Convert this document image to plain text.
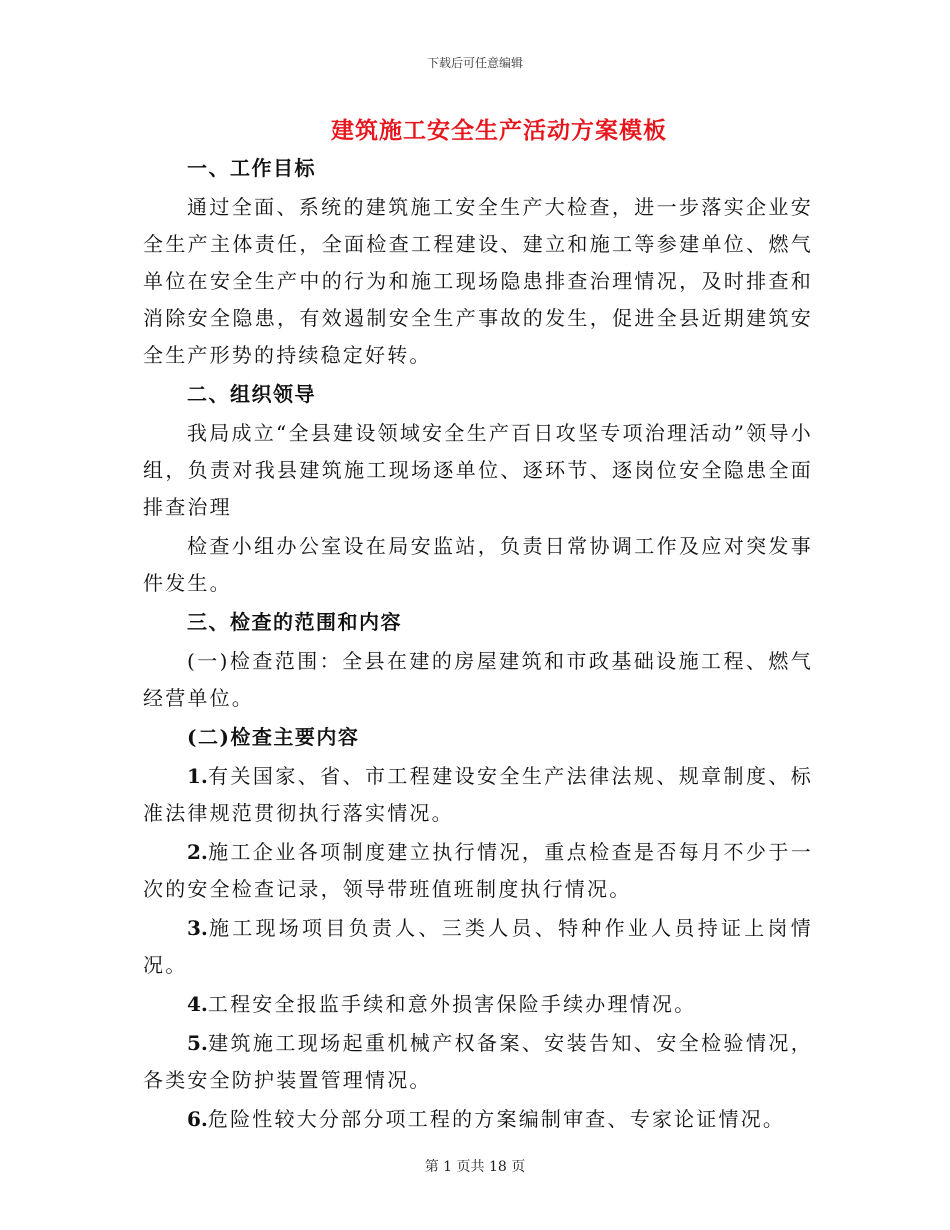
下载后可任意编辑
建筑施工安全生产活动方案模板

一、工作目标

通过全面、系统的建筑施工安全生产大检查，进一步落实企业安全生产主体责任，全面检查工程建设、建立和施工等参建单位、燃气单位在安全生产中的行为和施工现场隐患排查治理情况，及时排查和消除安全隐患，有效遏制安全生产事故的发生，促进全县近期建筑安全生产形势的持续稳定好转。

二、组织领导

我局成立“全县建设领域安全生产百日攻坚专项治理活动”领导小组，负责对我县建筑施工现场逐单位、逐环节、逐岗位安全隐患全面排查治理

检查小组办公室设在局安监站，负责日常协调工作及应对突发事件发生。

三、检查的范围和内容

(一)检查范围：全县在建的房屋建筑和市政基础设施工程、燃气经营单位。

(二)检查主要内容

1.有关国家、省、市工程建设安全生产法律法规、规章制度、标准法律规范贯彻执行落实情况。

2.施工企业各项制度建立执行情况，重点检查是否每月不少于一次的安全检查记录，领导带班值班制度执行情况。

3.施工现场项目负责人、三类人员、特种作业人员持证上岗情况。

4.工程安全报监手续和意外损害保险手续办理情况。

5.建筑施工现场起重机械产权备案、安装告知、安全检验情况，各类安全防护装置管理情况。

6.危险性较大分部分项工程的方案编制审查、专家论证情况。

第 1 页共 18 页
